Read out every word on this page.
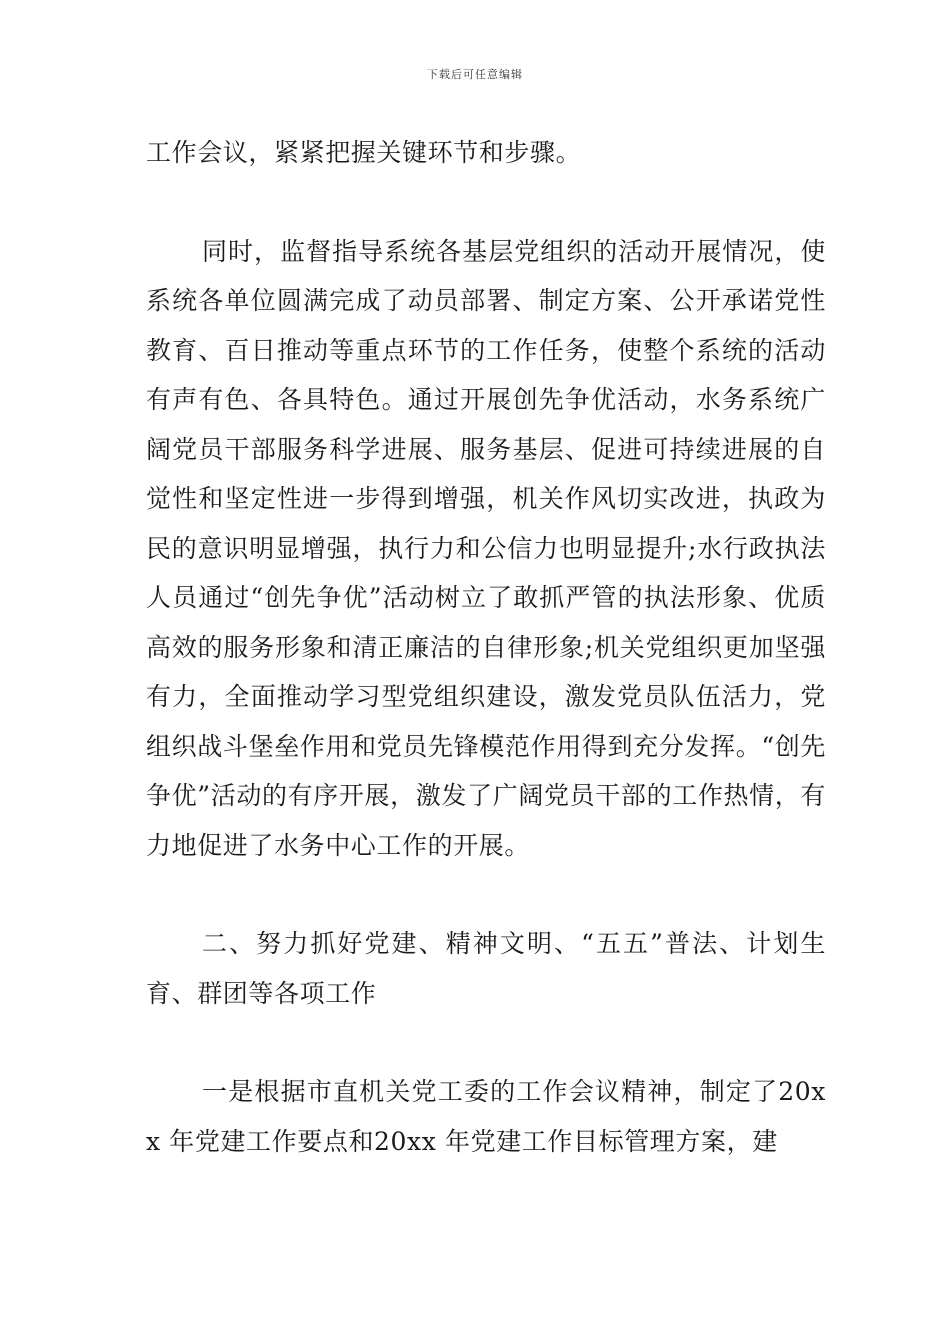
下载后可任意编辑

工作会议，紧紧把握关键环节和步骤。

同时，监督指导系统各基层党组织的活动开展情况，使系统各单位圆满完成了动员部署、制定方案、公开承诺党性教育、百日推动等重点环节的工作任务，使整个系统的活动有声有色、各具特色。通过开展创先争优活动，水务系统广阔党员干部服务科学进展、服务基层、促进可持续进展的自觉性和坚定性进一步得到增强，机关作风切实改进，执政为民的意识明显增强，执行力和公信力也明显提升;水行政执法人员通过“创先争优”活动树立了敢抓严管的执法形象、优质高效的服务形象和清正廉洁的自律形象;机关党组织更加坚强有力，全面推动学习型党组织建设，激发党员队伍活力，党组织战斗堡垒作用和党员先锋模范作用得到充分发挥。“创先争优”活动的有序开展，激发了广阔党员干部的工作热情，有力地促进了水务中心工作的开展。

二、努力抓好党建、精神文明、“五五”普法、计划生育、群团等各项工作

一是根据市直机关党工委的工作会议精神，制定了20xx 年党建工作要点和20xx 年党建工作目标管理方案，建
